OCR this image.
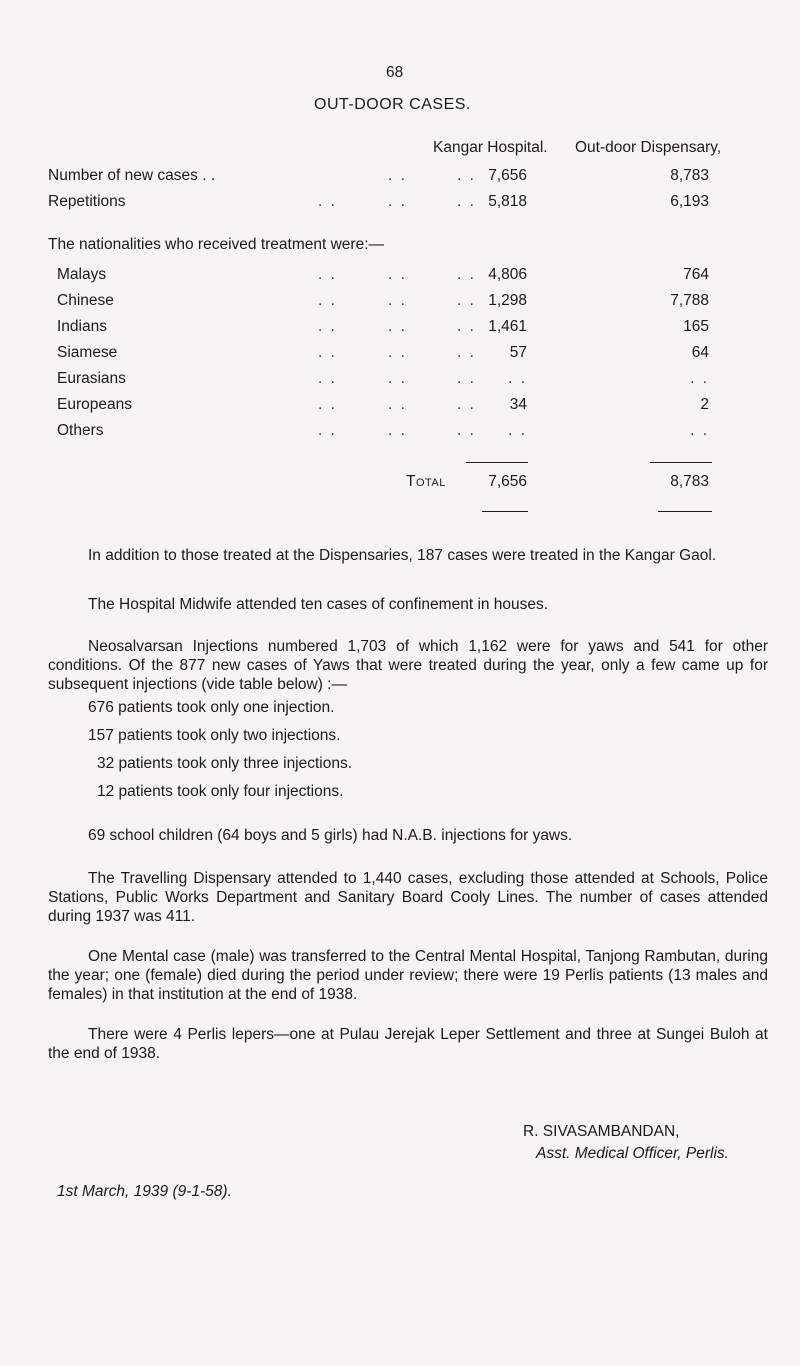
68
OUT-DOOR CASES.
Kangar Hospital. Out-door Dispensary,
Number of new cases . .	. .	. . 7,656	8,783
Repetitions	. .	. .	. . 5,818	6,193
The nationalities who received treatment were:—
Malays	. .	. .	. . 4,806	764
Chinese	. .	. .	. . 1,298	7,788
Indians	. .	. .	. . 1,461	165
Siamese	. .	. .	. .	57	64
Eurasians	. .	. .	. .	. .	. .
Europeans	. .	. .	. .	34	2
Others	. .	. .	. .	. .	. .
Total	7,656	8,783
In addition to those treated at the Dispensaries, 187 cases were treated in the Kangar Gaol.
The Hospital Midwife attended ten cases of confinement in houses.
Neosalvarsan Injections numbered 1,703 of which 1,162 were for yaws and 541 for other conditions. Of the 877 new cases of Yaws that were treated during the year, only a few came up for subsequent injections (vide table below) :—
676 patients took only one injection.
157 patients took only two injections.
32 patients took only three injections.
12 patients took only four injections.
69 school children (64 boys and 5 girls) had N.A.B. injections for yaws.
The Travelling Dispensary attended to 1,440 cases, excluding those attended at Schools, Police Stations, Public Works Department and Sanitary Board Cooly Lines. The number of cases attended during 1937 was 411.
One Mental case (male) was transferred to the Central Mental Hospital, Tanjong Rambutan, during the year; one (female) died during the period under review; there were 19 Perlis patients (13 males and females) in that institution at the end of 1938.
There were 4 Perlis lepers—one at Pulau Jerejak Leper Settlement and three at Sungei Buloh at the end of 1938.
R. SIVASAMBANDAN,
Asst. Medical Officer, Perlis.
1st March, 1939 (9-1-58).
